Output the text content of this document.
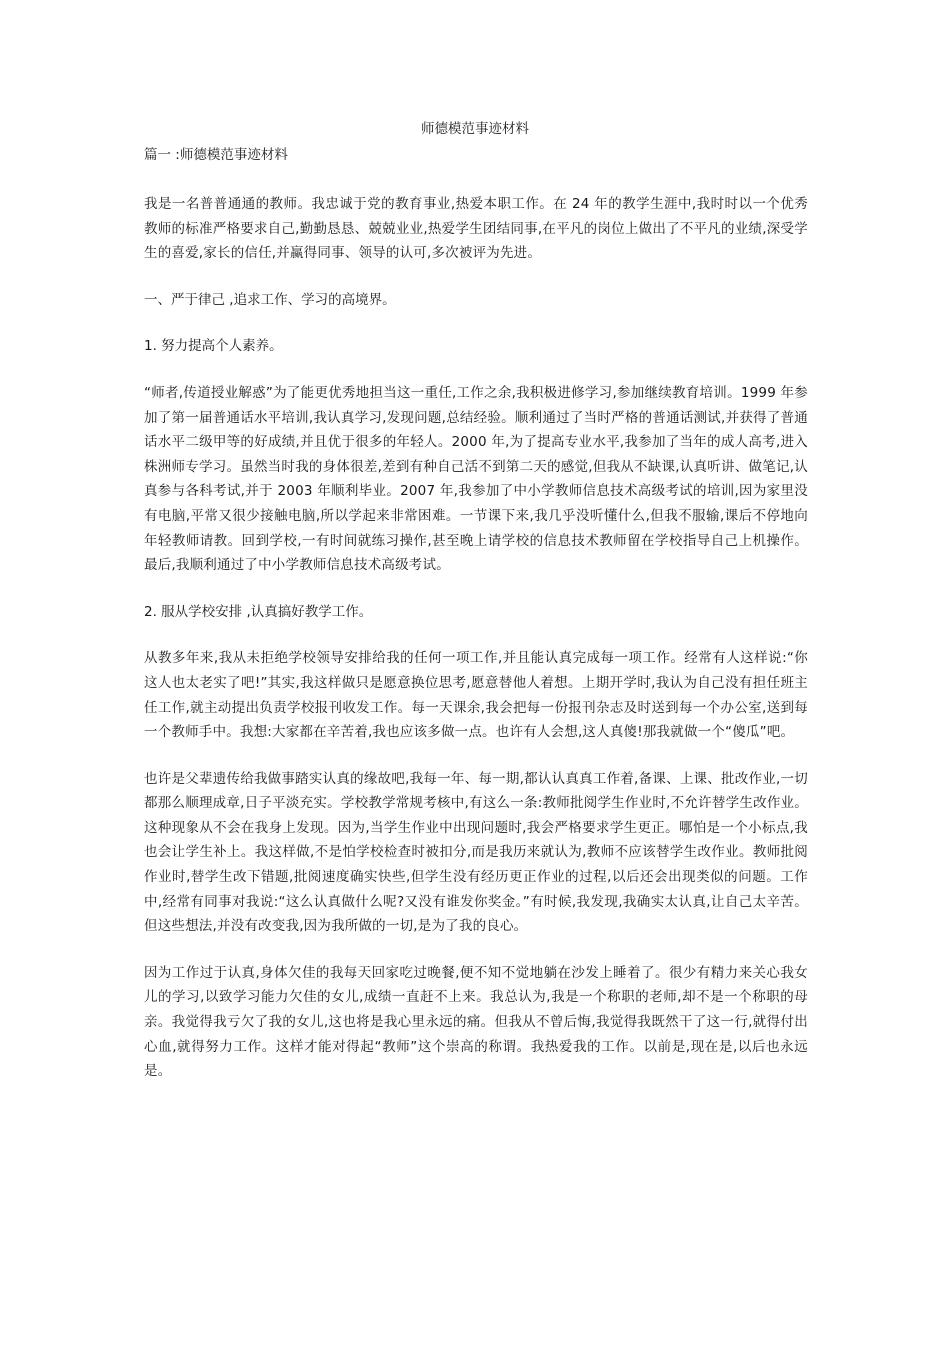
师德模范事迹材料

篇一 :师德模范事迹材料

我是一名普普通通的教师。我忠诚于党的教育事业,热爱本职工作。在 24 年的教学生涯中,我时时以一个优秀教师的标准严格要求自己,勤勤恳恳、兢兢业业,热爱学生团结同事,在平凡的岗位上做出了不平凡的业绩,深受学生的喜爱,家长的信任,并赢得同事、领导的认可,多次被评为先进。

一、严于律己 ,追求工作、学习的高境界。

1. 努力提高个人素养。

“师者,传道授业解惑”为了能更优秀地担当这一重任,工作之余,我积极进修学习,参加继续教育培训。1999 年参加了第一届普通话水平培训,我认真学习,发现问题,总结经验。顺利通过了当时严格的普通话测试,并获得了普通话水平二级甲等的好成绩,并且优于很多的年轻人。2000 年,为了提高专业水平,我参加了当年的成人高考,进入株洲师专学习。虽然当时我的身体很差,差到有种自己活不到第二天的感觉,但我从不缺课,认真听讲、做笔记,认真参与各科考试,并于 2003 年顺利毕业。2007 年,我参加了中小学教师信息技术高级考试的培训,因为家里没有电脑,平常又很少接触电脑,所以学起来非常困难。一节课下来,我几乎没听懂什么,但我不服输,课后不停地向年轻教师请教。回到学校,一有时间就练习操作,甚至晚上请学校的信息技术教师留在学校指导自己上机操作。最后,我顺利通过了中小学教师信息技术高级考试。

2. 服从学校安排 ,认真搞好教学工作。

从教多年来,我从未拒绝学校领导安排给我的任何一项工作,并且能认真完成每一项工作。经常有人这样说:“你这人也太老实了吧!”其实,我这样做只是愿意换位思考,愿意替他人着想。上期开学时,我认为自己没有担任班主任工作,就主动提出负责学校报刊收发工作。每一天课余,我会把每一份报刊杂志及时送到每一个办公室,送到每一个教师手中。我想:大家都在辛苦着,我也应该多做一点。也许有人会想,这人真傻!那我就做一个“傻瓜”吧。

也许是父辈遗传给我做事踏实认真的缘故吧,我每一年、每一期,都认认真真工作着,备课、上课、批改作业,一切都那么顺理成章,日子平淡充实。学校教学常规考核中,有这么一条:教师批阅学生作业时,不允许替学生改作业。这种现象从不会在我身上发现。因为,当学生作业中出现问题时,我会严格要求学生更正。哪怕是一个小标点,我也会让学生补上。我这样做,不是怕学校检查时被扣分,而是我历来就认为,教师不应该替学生改作业。教师批阅作业时,替学生改下错题,批阅速度确实快些,但学生没有经历更正作业的过程,以后还会出现类似的问题。工作中,经常有同事对我说:“这么认真做什么呢?又没有谁发你奖金。”有时候,我发现,我确实太认真,让自己太辛苦。但这些想法,并没有改变我,因为我所做的一切,是为了我的良心。

因为工作过于认真,身体欠佳的我每天回家吃过晚餐,便不知不觉地躺在沙发上睡着了。很少有精力来关心我女儿的学习,以致学习能力欠佳的女儿,成绩一直赶不上来。我总认为,我是一个称职的老师,却不是一个称职的母亲。我觉得我亏欠了我的女儿,这也将是我心里永远的痛。但我从不曾后悔,我觉得我既然干了这一行,就得付出心血,就得努力工作。这样才能对得起“教师”这个崇高的称谓。我热爱我的工作。以前是,现在是,以后也永远是。
